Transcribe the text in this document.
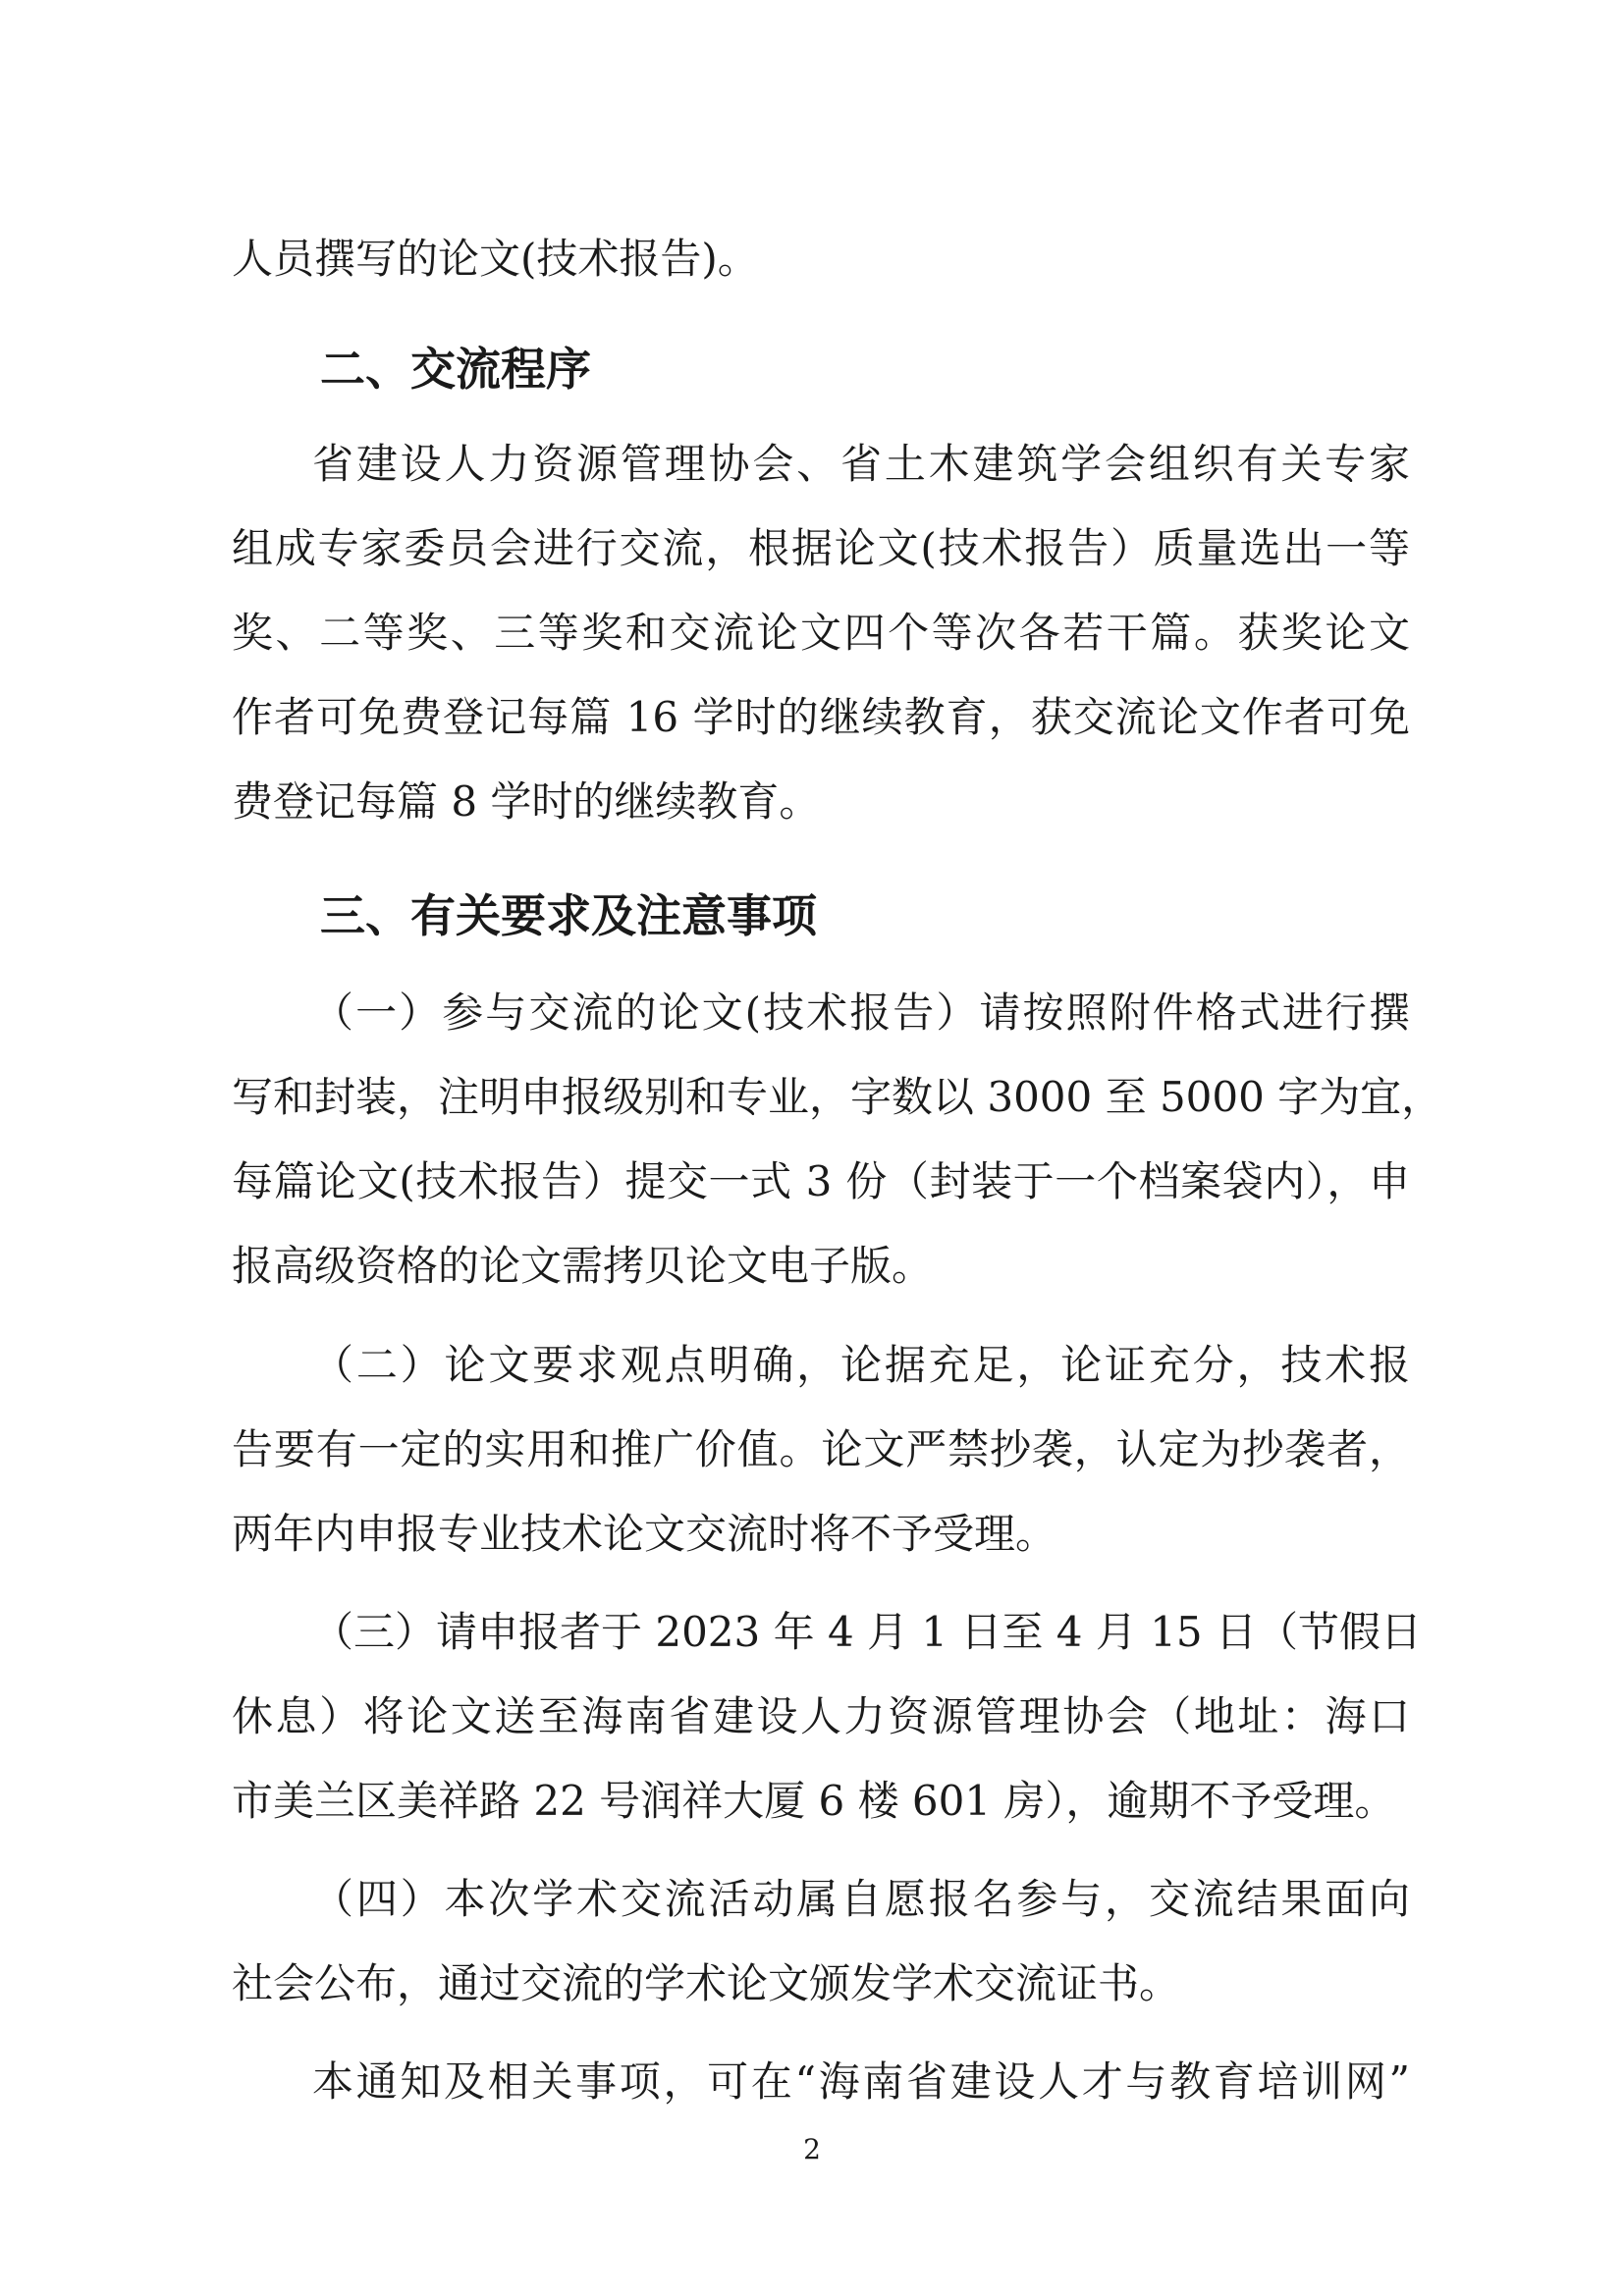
人员撰写的论文(技术报告)。
二、交流程序
省建设人力资源管理协会、省土木建筑学会组织有关专家
组成专家委员会进行交流，根据论文(技术报告）质量选出一等
奖、二等奖、三等奖和交流论文四个等次各若干篇。获奖论文
作者可免费登记每篇 16 学时的继续教育，获交流论文作者可免
费登记每篇 8 学时的继续教育。
三、有关要求及注意事项
（一）参与交流的论文(技术报告）请按照附件格式进行撰
写和封装，注明申报级别和专业，字数以 3000 至 5000 字为宜，
每篇论文(技术报告）提交一式 3 份（封装于一个档案袋内），申
报高级资格的论文需拷贝论文电子版。
（二）论文要求观点明确，论据充足，论证充分，技术报
告要有一定的实用和推广价值。论文严禁抄袭，认定为抄袭者，
两年内申报专业技术论文交流时将不予受理。
（三）请申报者于 2023 年 4 月 1 日至 4 月 15 日（节假日
休息）将论文送至海南省建设人力资源管理协会（地址：海口
市美兰区美祥路 22 号润祥大厦 6 楼 601 房），逾期不予受理。
（四）本次学术交流活动属自愿报名参与，交流结果面向
社会公布，通过交流的学术论文颁发学术交流证书。
本通知及相关事项，可在“海南省建设人才与教育培训网”
2
